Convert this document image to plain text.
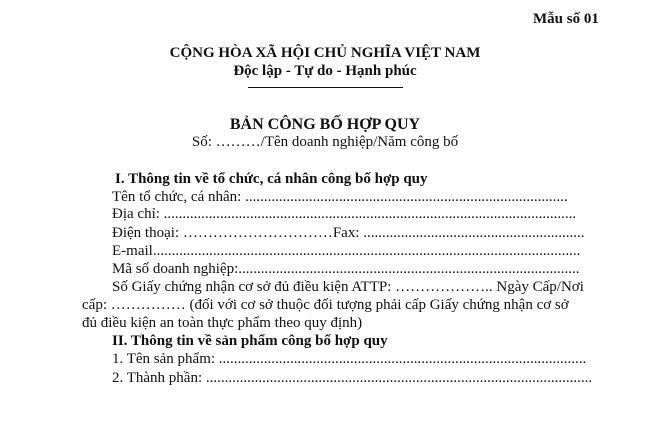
Mẫu số 01
CỘNG HÒA XÃ HỘI CHỦ NGHĨA VIỆT NAM
Độc lập - Tự do - Hạnh phúc
BẢN CÔNG BỐ HỢP QUY
Số: ………/Tên doanh nghiệp/Năm công bố
I. Thông tin về tổ chức, cá nhân công bố hợp quy
Tên tổ chức, cá nhân: ......................................................................................
Địa chỉ: ..............................................................................................................
Điện thoại: …………………………Fax: ...........................................................
E-mail..................................................................................................................
Mã số doanh nghiệp:...........................................................................................
Số Giấy chứng nhận cơ sở đủ điều kiện ATTP: ……………….. Ngày Cấp/Nơi
cấp: …………… (đối với cơ sở thuộc đối tượng phải cấp Giấy chứng nhận cơ sở
đủ điều kiện an toàn thực phẩm theo quy định)
II. Thông tin về sản phẩm công bố hợp quy
1. Tên sản phẩm: ..................................................................................................
2. Thành phần: .......................................................................................................
